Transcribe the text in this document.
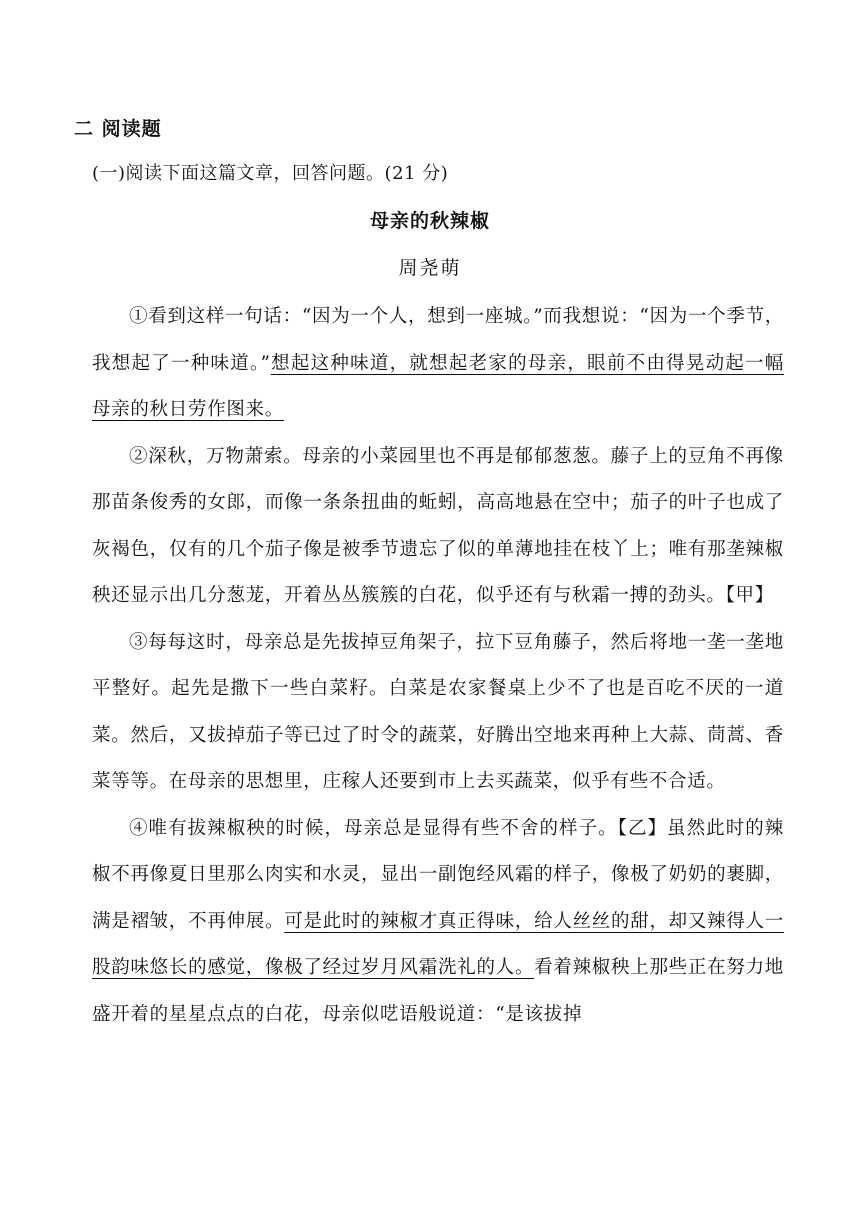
二 阅读题
(一)阅读下面这篇文章，回答问题。(21 分)
母亲的秋辣椒
周尧萌

①看到这样一句话：“因为一个人，想到一座城。”而我想说：“因为一个季节，我想起了一种味道。”想起这种味道，就想起老家的母亲，眼前不由得晃动起一幅母亲的秋日劳作图来。

②深秋，万物萧索。母亲的小菜园里也不再是郁郁葱葱。藤子上的豆角不再像那苗条俊秀的女郎，而像一条条扭曲的蚯蚓，高高地悬在空中；茄子的叶子也成了灰褐色，仅有的几个茄子像是被季节遗忘了似的单薄地挂在枝丫上；唯有那垄辣椒秧还显示出几分葱茏，开着丛丛簇簇的白花，似乎还有与秋霜一搏的劲头。【甲】

③每每这时，母亲总是先拔掉豆角架子，拉下豆角藤子，然后将地一垄一垄地平整好。起先是撒下一些白菜籽。白菜是农家餐桌上少不了也是百吃不厌的一道菜。然后，又拔掉茄子等已过了时令的蔬菜，好腾出空地来再种上大蒜、茼蒿、香菜等等。在母亲的思想里，庄稼人还要到市上去买蔬菜，似乎有些不合适。

④唯有拔辣椒秧的时候，母亲总是显得有些不舍的样子。【乙】虽然此时的辣椒不再像夏日里那么肉实和水灵，显出一副饱经风霜的样子，像极了奶奶的裹脚，满是褶皱，不再伸展。可是此时的辣椒才真正得味，给人丝丝的甜，却又辣得人一股韵味悠长的感觉，像极了经过岁月风霜洗礼的人。看着辣椒秧上那些正在努力地盛开着的星星点点的白花，母亲似呓语般说道：“是该拔掉
